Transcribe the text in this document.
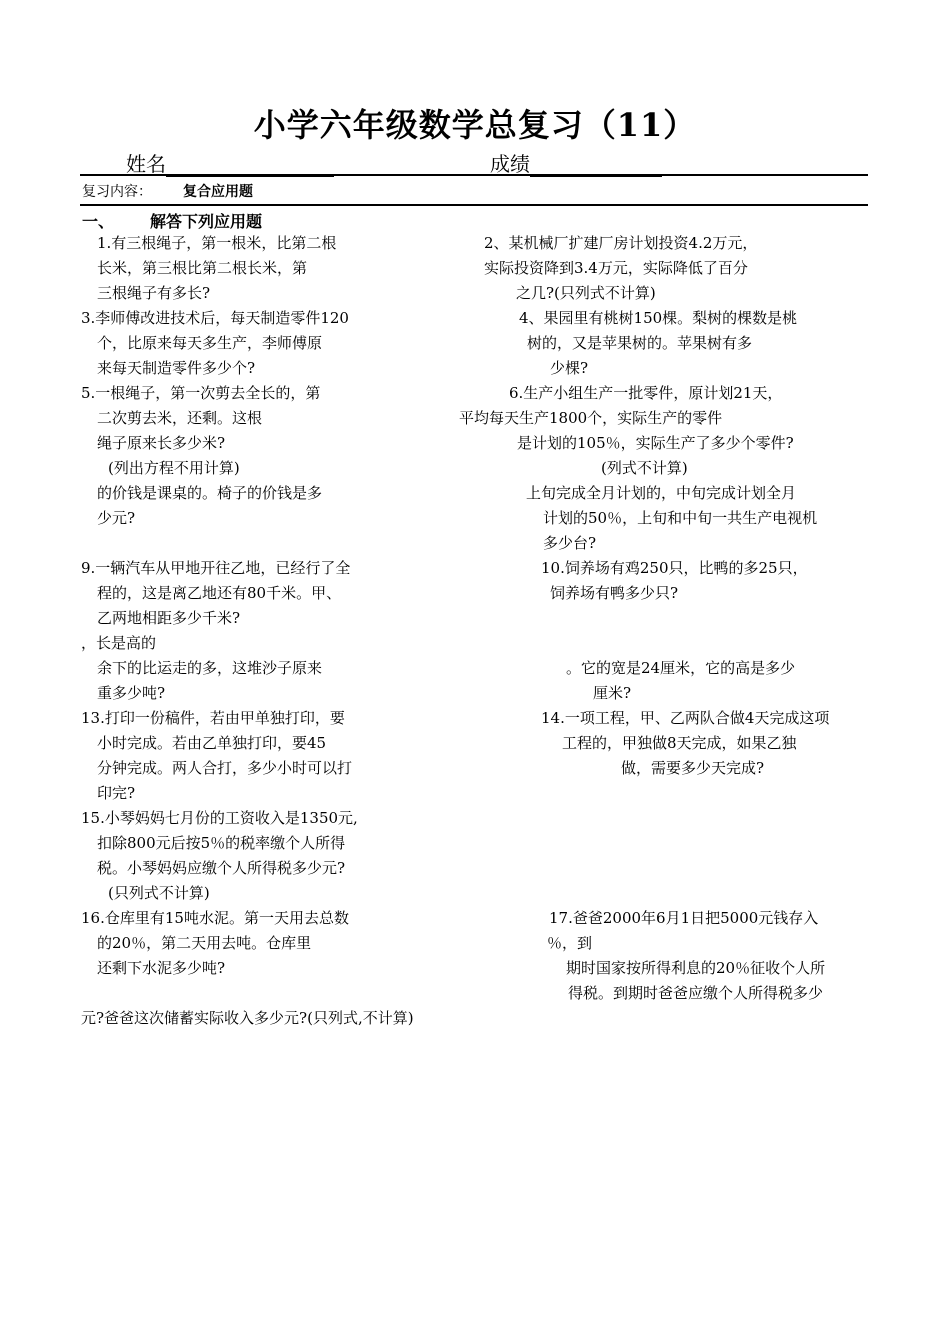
小学六年级数学总复习（11）
姓名	成绩
复习内容： 复合应用题
一、 解答下列应用题
1.有三根绳子，第一根米，比第二根
长米，第三根比第二根长米，第
三根绳子有多长?
3.李师傅改进技术后，每天制造零件120
个，比原来每天多生产，李师傅原
来每天制造零件多少个?
5.一根绳子，第一次剪去全长的，第
二次剪去米，还剩。这根
绳子原来长多少米?
(列出方程不用计算)
的价钱是课桌的。椅子的价钱是多
少元?
9.一辆汽车从甲地开往乙地，已经行了全
程的，这是离乙地还有80千米。甲、
乙两地相距多少千米?
，长是高的
余下的比运走的多，这堆沙子原来
重多少吨?
13.打印一份稿件，若由甲单独打印，要
小时完成。若由乙单独打印，要45
分钟完成。两人合打，多少小时可以打
印完?
15.小琴妈妈七月份的工资收入是1350元,
扣除800元后按5％的税率缴个人所得
税。小琴妈妈应缴个人所得税多少元?
(只列式不计算)
16.仓库里有15吨水泥。第一天用去总数
的20％，第二天用去吨。仓库里
还剩下水泥多少吨?
元?爸爸这次储蓄实际收入多少元?(只列式,不计算)
2、某机械厂扩建厂房计划投资4.2万元，
实际投资降到3.4万元，实际降低了百分
之几?(只列式不计算)
4、果园里有桃树150棵。梨树的棵数是桃
树的，又是苹果树的。苹果树有多
少棵?
6.生产小组生产一批零件，原计划21天，
平均每天生产1800个，实际生产的零件
是计划的105％，实际生产了多少个零件?
(列式不计算)
上旬完成全月计划的，中旬完成计划全月
计划的50％，上旬和中旬一共生产电视机
多少台?
10.饲养场有鸡250只，比鸭的多25只，
饲养场有鸭多少只?
。它的宽是24厘米，它的高是多少
厘米?
14.一项工程，甲、乙两队合做4天完成这项
工程的，甲独做8天完成，如果乙独
做，需要多少天完成?
17.爸爸2000年6月1日把5000元钱存入
％，到
期时国家按所得利息的20％征收个人所
得税。到期时爸爸应缴个人所得税多少
